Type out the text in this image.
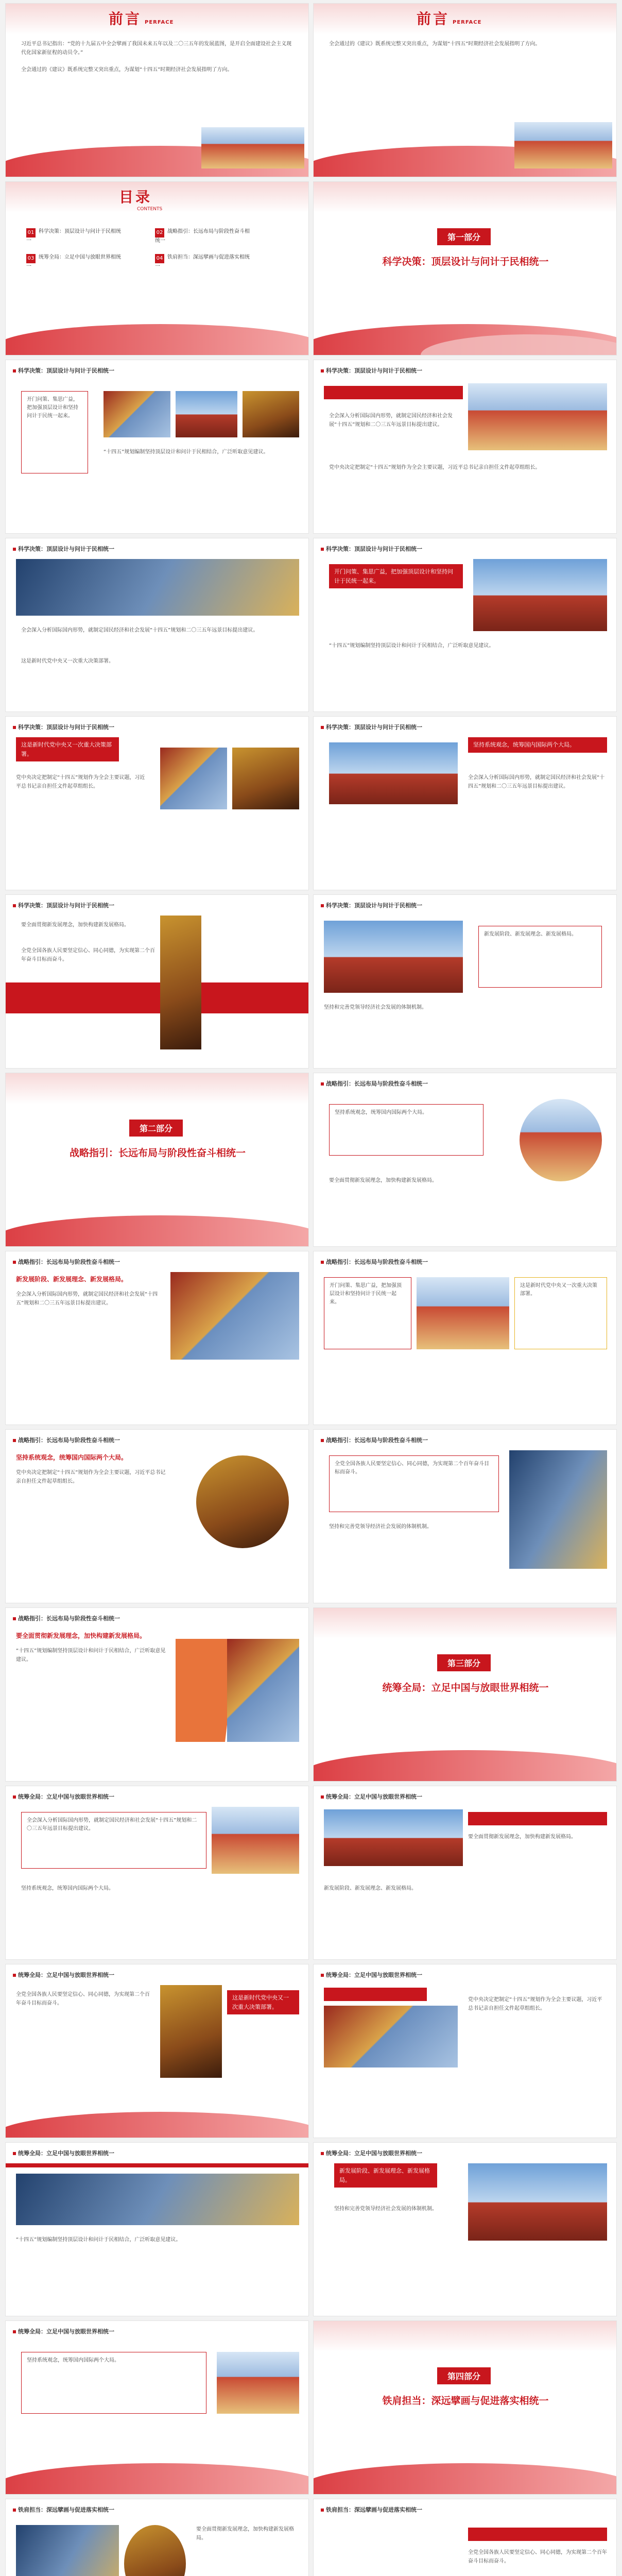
前言 PERFACE
习近平总书记指出：“党的十九届五中全会擘画了我国未来五年以及二〇三五年的发展蓝图，是开启全面建设社会主义现代化国家新征程的动员令。”
全会通过的《建议》既系统完整又突出重点，为谋划“十四五”时期经济社会发展指明了方向。
前言 PERFACE
全会通过的《建议》既系统完整又突出重点，为谋划“十四五”时期经济社会发展指明了方向。
目录
CONTENTS
01 科学决策：顶层设计与问计于民相统一
02 战略指引：长远布局与阶段性奋斗相统一
03 统筹全局：立足中国与放眼世界相统一
04 铁肩担当：深远擘画与促进落实相统一
第一部分
科学决策：顶层设计与问计于民相统一
科学决策：顶层设计与问计于民相统一
开门问策、集思广益，把加强顶层设计和坚持问计于民统一起来。
“十四五”规划编制坚持顶层设计和问计于民相结合，广泛听取意见建议。
科学决策：顶层设计与问计于民相统一
全会深入分析国际国内形势，就制定国民经济和社会发展“十四五”规划和二〇三五年远景目标提出建议。
党中央决定把制定“十四五”规划作为全会主要议题，习近平总书记亲自担任文件起草组组长。
科学决策：顶层设计与问计于民相统一
全会深入分析国际国内形势，就制定国民经济和社会发展“十四五”规划和二〇三五年远景目标提出建议。
这是新时代党中央又一次重大决策部署。
科学决策：顶层设计与问计于民相统一
开门问策、集思广益，把加强顶层设计和坚持问计于民统一起来。
“十四五”规划编制坚持顶层设计和问计于民相结合，广泛听取意见建议。
科学决策：顶层设计与问计于民相统一
这是新时代党中央又一次重大决策部署。
党中央决定把制定“十四五”规划作为全会主要议题，习近平总书记亲自担任文件起草组组长。
科学决策：顶层设计与问计于民相统一
坚持系统观念，统筹国内国际两个大局。
全会深入分析国际国内形势，就制定国民经济和社会发展“十四五”规划和二〇三五年远景目标提出建议。
科学决策：顶层设计与问计于民相统一
要全面贯彻新发展理念，加快构建新发展格局。
全党全国各族人民要坚定信心、同心同德，为实现第二个百年奋斗目标而奋斗。
科学决策：顶层设计与问计于民相统一
新发展阶段、新发展理念、新发展格局。
坚持和完善党领导经济社会发展的体制机制。
第二部分
战略指引：长远布局与阶段性奋斗相统一
战略指引：长远布局与阶段性奋斗相统一
坚持系统观念，统筹国内国际两个大局。
要全面贯彻新发展理念，加快构建新发展格局。
战略指引：长远布局与阶段性奋斗相统一
新发展阶段、新发展理念、新发展格局。
全会深入分析国际国内形势，就制定国民经济和社会发展“十四五”规划和二〇三五年远景目标提出建议。
战略指引：长远布局与阶段性奋斗相统一
开门问策、集思广益，把加强顶层设计和坚持问计于民统一起来。
这是新时代党中央又一次重大决策部署。
战略指引：长远布局与阶段性奋斗相统一
坚持系统观念，统筹国内国际两个大局。
党中央决定把制定“十四五”规划作为全会主要议题，习近平总书记亲自担任文件起草组组长。
战略指引：长远布局与阶段性奋斗相统一
全党全国各族人民要坚定信心、同心同德，为实现第二个百年奋斗目标而奋斗。
坚持和完善党领导经济社会发展的体制机制。
战略指引：长远布局与阶段性奋斗相统一
要全面贯彻新发展理念，加快构建新发展格局。
“十四五”规划编制坚持顶层设计和问计于民相结合，广泛听取意见建议。	第三部分
统筹全局：立足中国与放眼世界相统一
统筹全局：立足中国与放眼世界相统一
全会深入分析国际国内形势，就制定国民经济和社会发展“十四五”规划和二〇三五年远景目标提出建议。
坚持系统观念，统筹国内国际两个大局。
统筹全局：立足中国与放眼世界相统一
要全面贯彻新发展理念，加快构建新发展格局。
新发展阶段、新发展理念、新发展格局。
统筹全局：立足中国与放眼世界相统一
全党全国各族人民要坚定信心、同心同德，为实现第二个百年奋斗目标而奋斗。
这是新时代党中央又一次重大决策部署。
统筹全局：立足中国与放眼世界相统一
党中央决定把制定“十四五”规划作为全会主要议题，习近平总书记亲自担任文件起草组组长。
统筹全局：立足中国与放眼世界相统一
“十四五”规划编制坚持顶层设计和问计于民相结合，广泛听取意见建议。
统筹全局：立足中国与放眼世界相统一
新发展阶段、新发展理念、新发展格局。
坚持和完善党领导经济社会发展的体制机制。
统筹全局：立足中国与放眼世界相统一
坚持系统观念，统筹国内国际两个大局。
第四部分
铁肩担当：深远擘画与促进落实相统一
铁肩担当：深远擘画与促进落实相统一
要全面贯彻新发展理念，加快构建新发展格局。
铁肩担当：深远擘画与促进落实相统一
全党全国各族人民要坚定信心、同心同德，为实现第二个百年奋斗目标而奋斗。
